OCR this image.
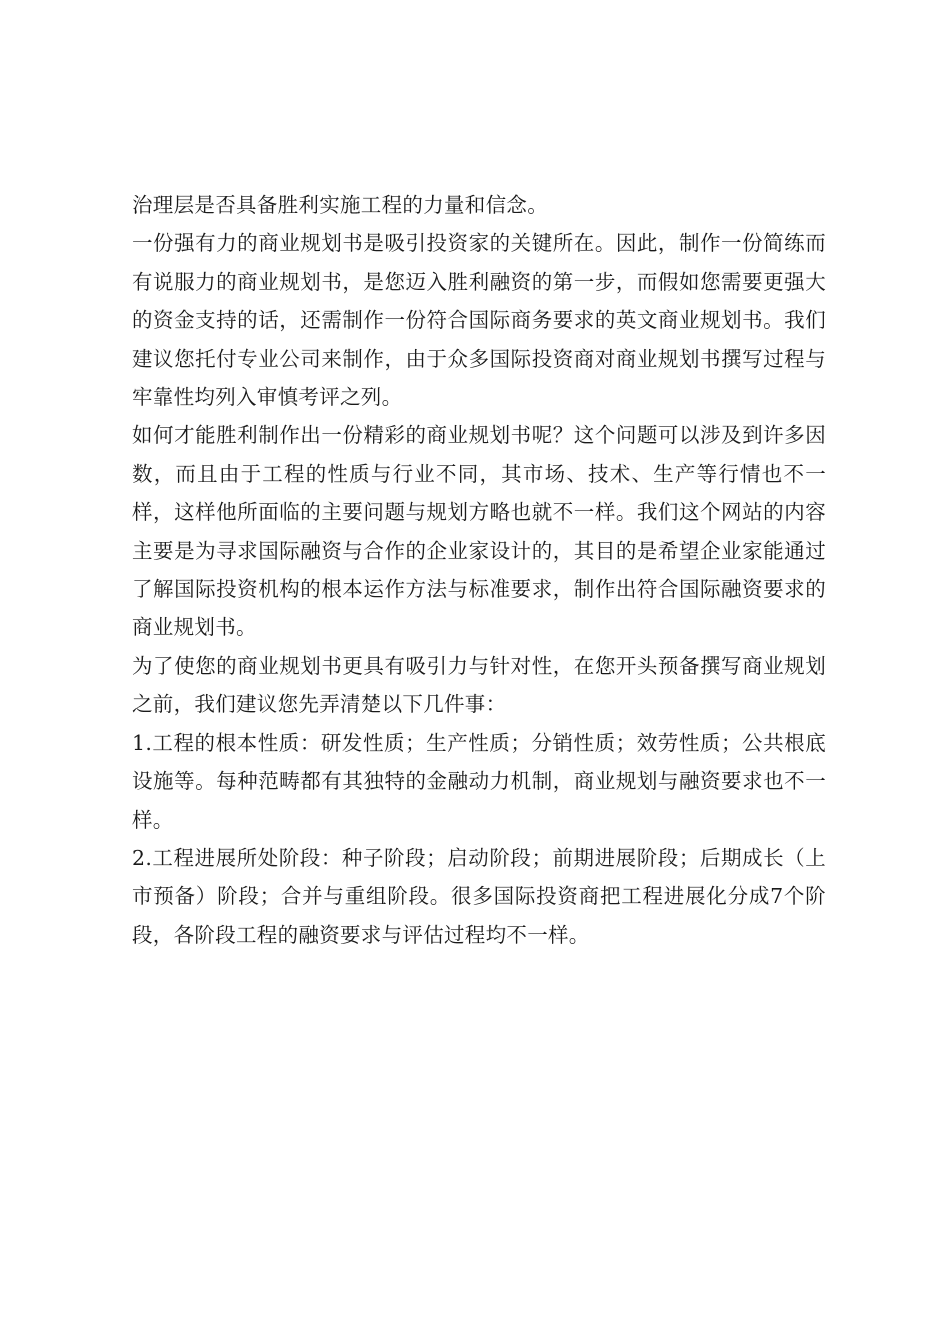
治理层是否具备胜利实施工程的力量和信念。

一份强有力的商业规划书是吸引投资家的关键所在。因此，制作一份简练而有说服力的商业规划书，是您迈入胜利融资的第一步，而假如您需要更强大的资金支持的话，还需制作一份符合国际商务要求的英文商业规划书。我们建议您托付专业公司来制作，由于众多国际投资商对商业规划书撰写过程与牢靠性均列入审慎考评之列。

如何才能胜利制作出一份精彩的商业规划书呢？这个问题可以涉及到许多因数，而且由于工程的性质与行业不同，其市场、技术、生产等行情也不一样，这样他所面临的主要问题与规划方略也就不一样。我们这个网站的内容主要是为寻求国际融资与合作的企业家设计的，其目的是希望企业家能通过了解国际投资机构的根本运作方法与标准要求，制作出符合国际融资要求的商业规划书。

为了使您的商业规划书更具有吸引力与针对性，在您开头预备撰写商业规划之前，我们建议您先弄清楚以下几件事：

1.工程的根本性质：研发性质；生产性质；分销性质；效劳性质；公共根底设施等。每种范畴都有其独特的金融动力机制，商业规划与融资要求也不一样。

2.工程进展所处阶段：种子阶段；启动阶段；前期进展阶段；后期成长（上市预备）阶段；合并与重组阶段。很多国际投资商把工程进展化分成7个阶段，各阶段工程的融资要求与评估过程均不一样。
